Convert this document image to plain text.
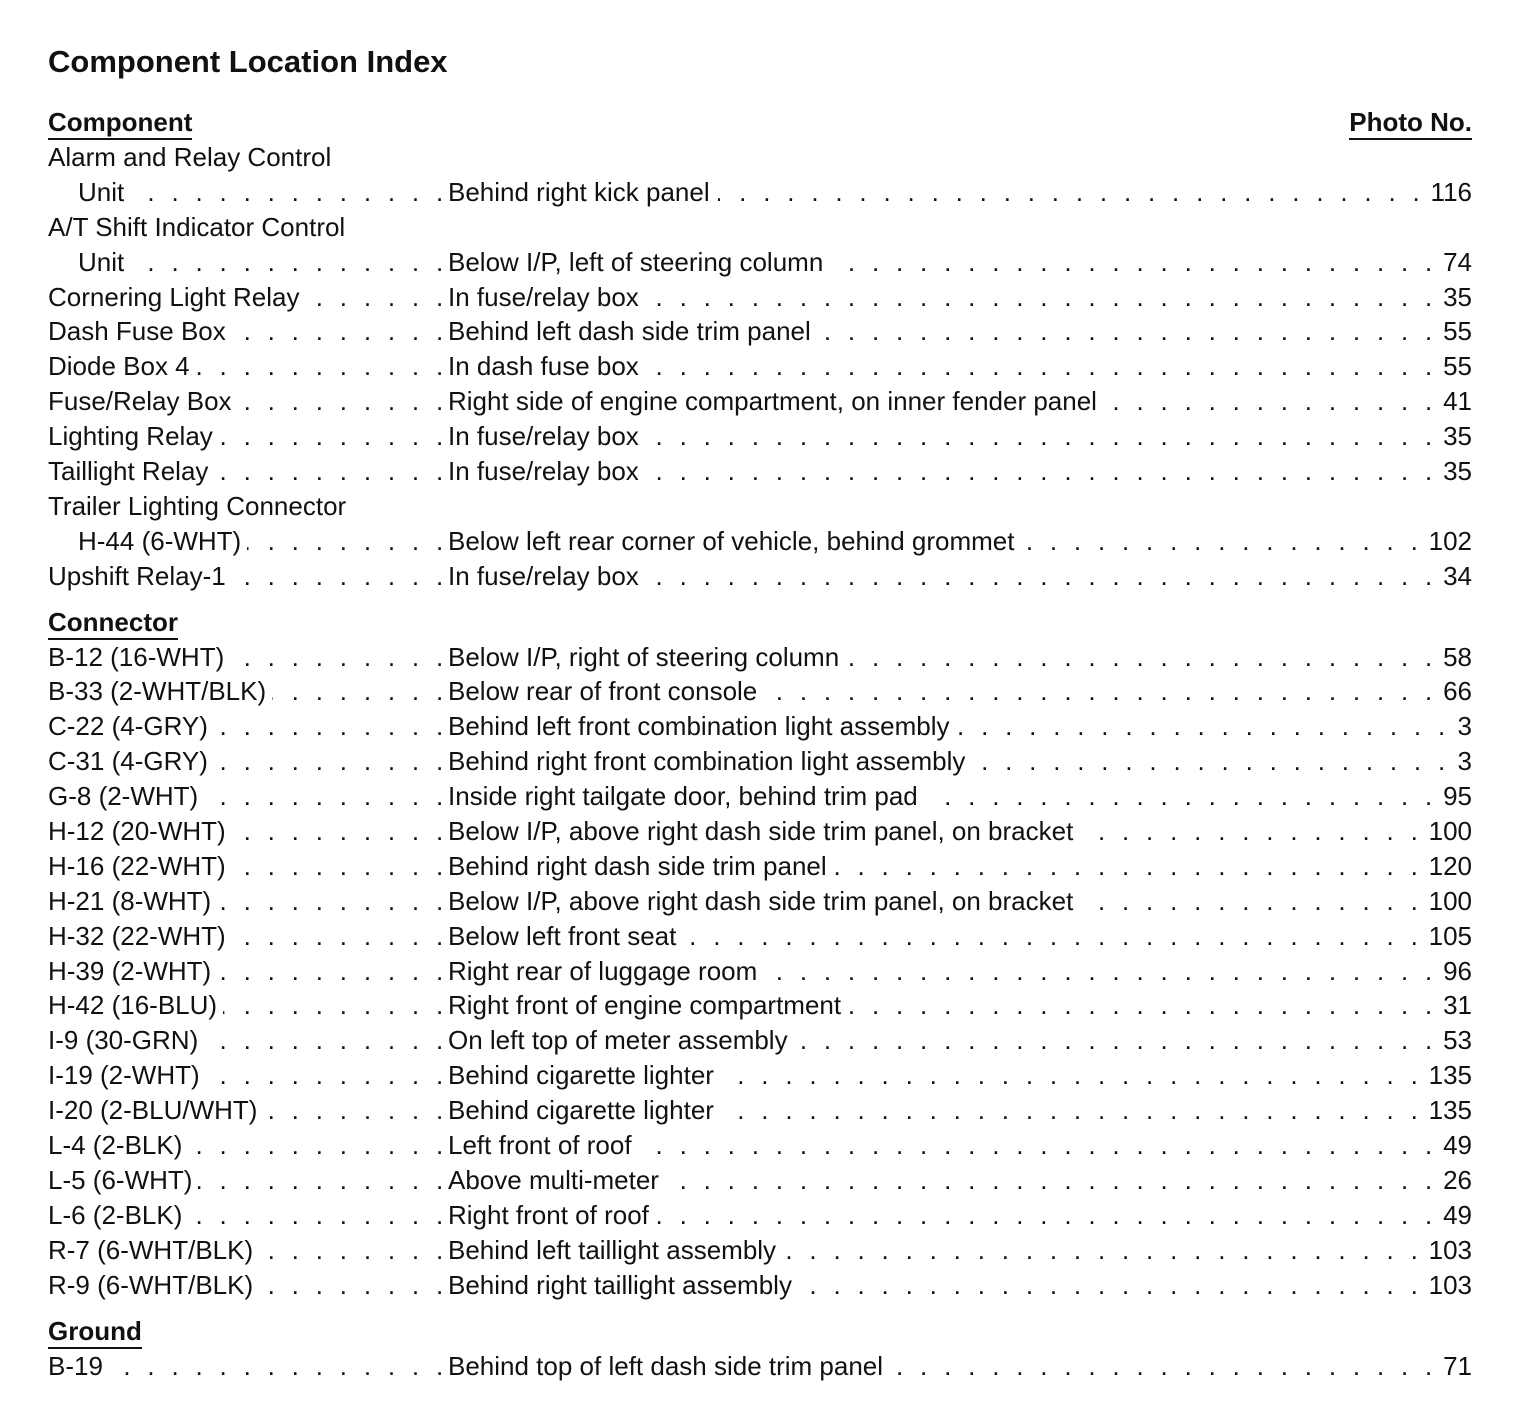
Component Location Index
Component	Photo No.
Alarm and Relay Control
Unit . . .	Behind right kick panel . . .	116
A/T Shift Indicator Control
Unit . . .	Below I/P, left of steering column . . .	74
Cornering Light Relay . . .	In fuse/relay box . . .	35
Dash Fuse Box . . .	Behind left dash side trim panel . . .	55
Diode Box 4 . . .	In dash fuse box . . .	55
Fuse/Relay Box . . .	Right side of engine compartment, on inner fender panel . . .	41
Lighting Relay . . .	In fuse/relay box . . .	35
Taillight Relay . . .	In fuse/relay box . . .	35
Trailer Lighting Connector
H-44 (6-WHT) . . .	Below left rear corner of vehicle, behind grommet . . .	102
Upshift Relay-1 . . .	In fuse/relay box . . .	34
Connector
B-12 (16-WHT) . . .	Below I/P, right of steering column . . .	58
B-33 (2-WHT/BLK) . . .	Below rear of front console . . .	66
C-22 (4-GRY) . . .	Behind left front combination light assembly . . .	3
C-31 (4-GRY) . . .	Behind right front combination light assembly . . .	3
G-8 (2-WHT) . . .	Inside right tailgate door, behind trim pad . . .	95
H-12 (20-WHT) . . .	Below I/P, above right dash side trim panel, on bracket . . .	100
H-16 (22-WHT) . . .	Behind right dash side trim panel . . .	120
H-21 (8-WHT) . . .	Below I/P, above right dash side trim panel, on bracket . . .	100
H-32 (22-WHT) . . .	Below left front seat . . .	105
H-39 (2-WHT) . . .	Right rear of luggage room . . .	96
H-42 (16-BLU) . . .	Right front of engine compartment . . .	31
I-9 (30-GRN) . . .	On left top of meter assembly . . .	53
I-19 (2-WHT) . . .	Behind cigarette lighter . . .	135
I-20 (2-BLU/WHT) . . .	Behind cigarette lighter . . .	135
L-4 (2-BLK) . . .	Left front of roof . . .	49
L-5 (6-WHT) . . .	Above multi-meter . . .	26
L-6 (2-BLK) . . .	Right front of roof . . .	49
R-7 (6-WHT/BLK) . . .	Behind left taillight assembly . . .	103
R-9 (6-WHT/BLK) . . .	Behind right taillight assembly . . .	103
Ground
B-19 . . .	Behind top of left dash side trim panel . . .	71
